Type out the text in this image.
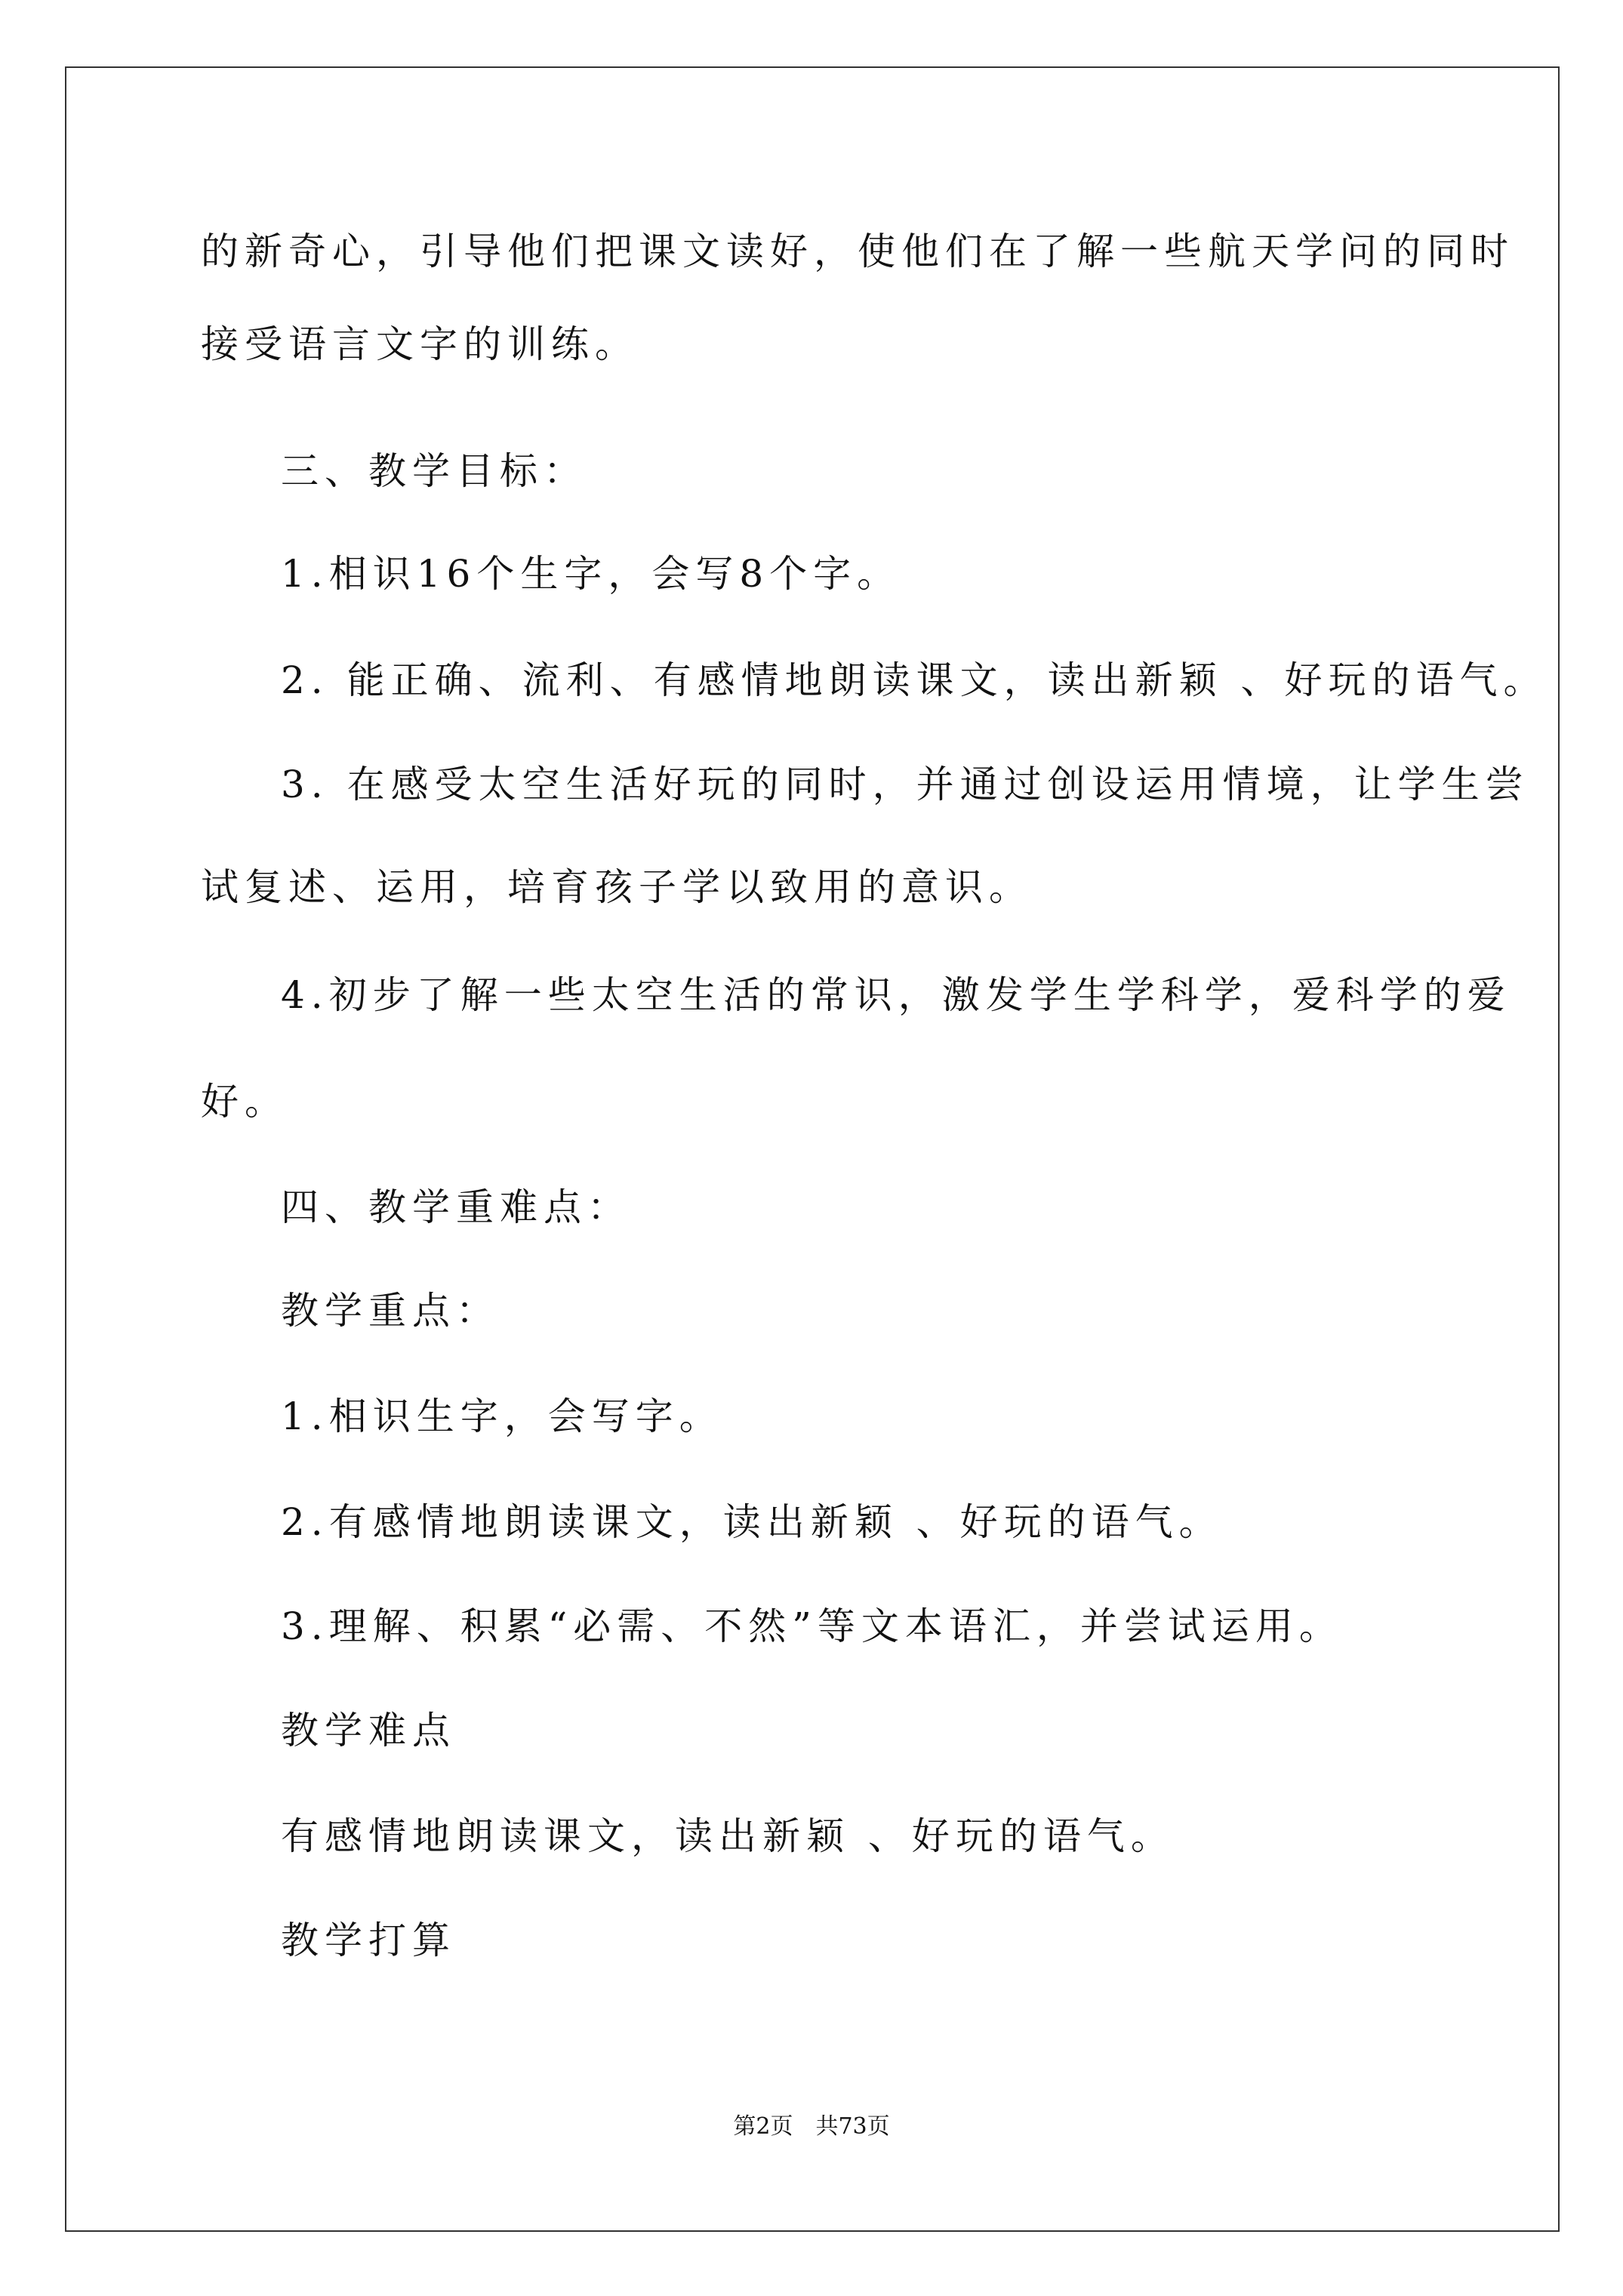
的新奇心，引导他们把课文读好，使他们在了解一些航天学问的同时

接受语言文字的训练。

三、教学目标：

1.相识16个生字，会写8个字。

2. 能正确、流利、有感情地朗读课文，读出新颖 、好玩的语气。

3. 在感受太空生活好玩的同时，并通过创设运用情境，让学生尝

试复述、运用，培育孩子学以致用的意识。

4.初步了解一些太空生活的常识，激发学生学科学，爱科学的爱

好。

四、教学重难点：

教学重点：

1.相识生字，会写字。

2.有感情地朗读课文，读出新颖 、好玩的语气。

3.理解、积累“必需、不然”等文本语汇，并尝试运用。

教学难点

有感情地朗读课文，读出新颖 、好玩的语气。

教学打算

第2页　共73页
